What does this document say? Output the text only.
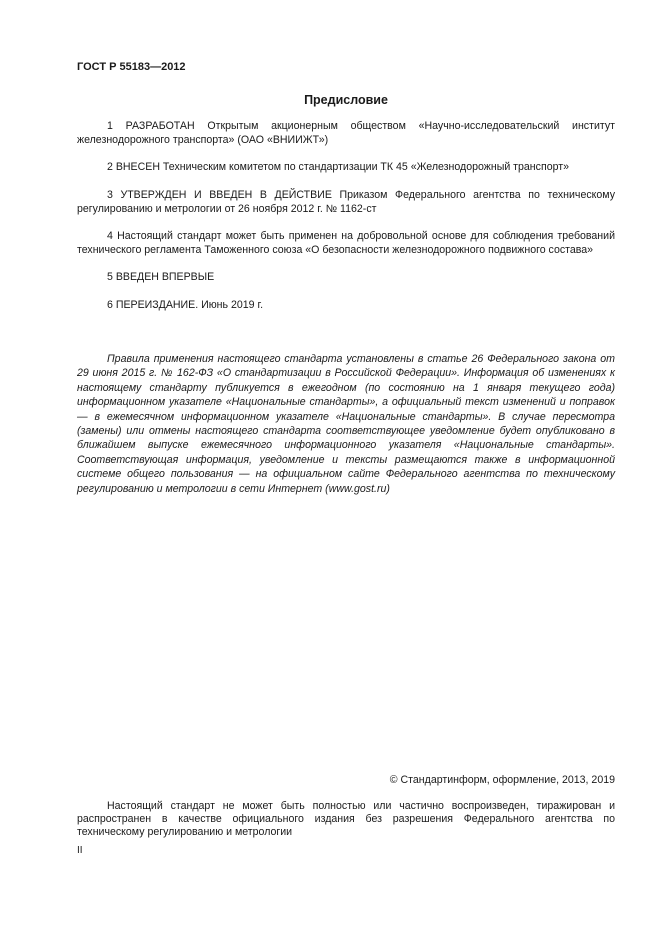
ГОСТ Р 55183—2012
Предисловие

1 РАЗРАБОТАН Открытым акционерным обществом «Научно-исследовательский институт железнодорожного транспорта» (ОАО «ВНИИЖТ»)

2 ВНЕСЕН Техническим комитетом по стандартизации ТК 45 «Железнодорожный транспорт»

3 УТВЕРЖДЕН И ВВЕДЕН В ДЕЙСТВИЕ Приказом Федерального агентства по техническому регулированию и метрологии от 26 ноября 2012 г. № 1162-ст

4 Настоящий стандарт может быть применен на добровольной основе для соблюдения требований технического регламента Таможенного союза «О безопасности железнодорожного подвижного состава»

5 ВВЕДЕН ВПЕРВЫЕ

6 ПЕРЕИЗДАНИЕ. Июнь 2019 г.

Правила применения настоящего стандарта установлены в статье 26 Федерального закона от 29 июня 2015 г. № 162-ФЗ «О стандартизации в Российской Федерации». Информация об изменениях к настоящему стандарту публикуется в ежегодном (по состоянию на 1 января текущего года) информационном указателе «Национальные стандарты», а официальный текст изменений и поправок — в ежемесячном информационном указателе «Национальные стандарты». В случае пересмотра (замены) или отмены настоящего стандарта соответствующее уведомление будет опубликовано в ближайшем выпуске ежемесячного информационного указателя «Национальные стандарты». Соответствующая информация, уведомление и тексты размещаются также в информационной системе общего пользования — на официальном сайте Федерального агентства по техническому регулированию и метрологии в сети Интернет (www.gost.ru)

© Стандартинформ, оформление, 2013, 2019

Настоящий стандарт не может быть полностью или частично воспроизведен, тиражирован и распространен в качестве официального издания без разрешения Федерального агентства по техническому регулированию и метрологии

II
